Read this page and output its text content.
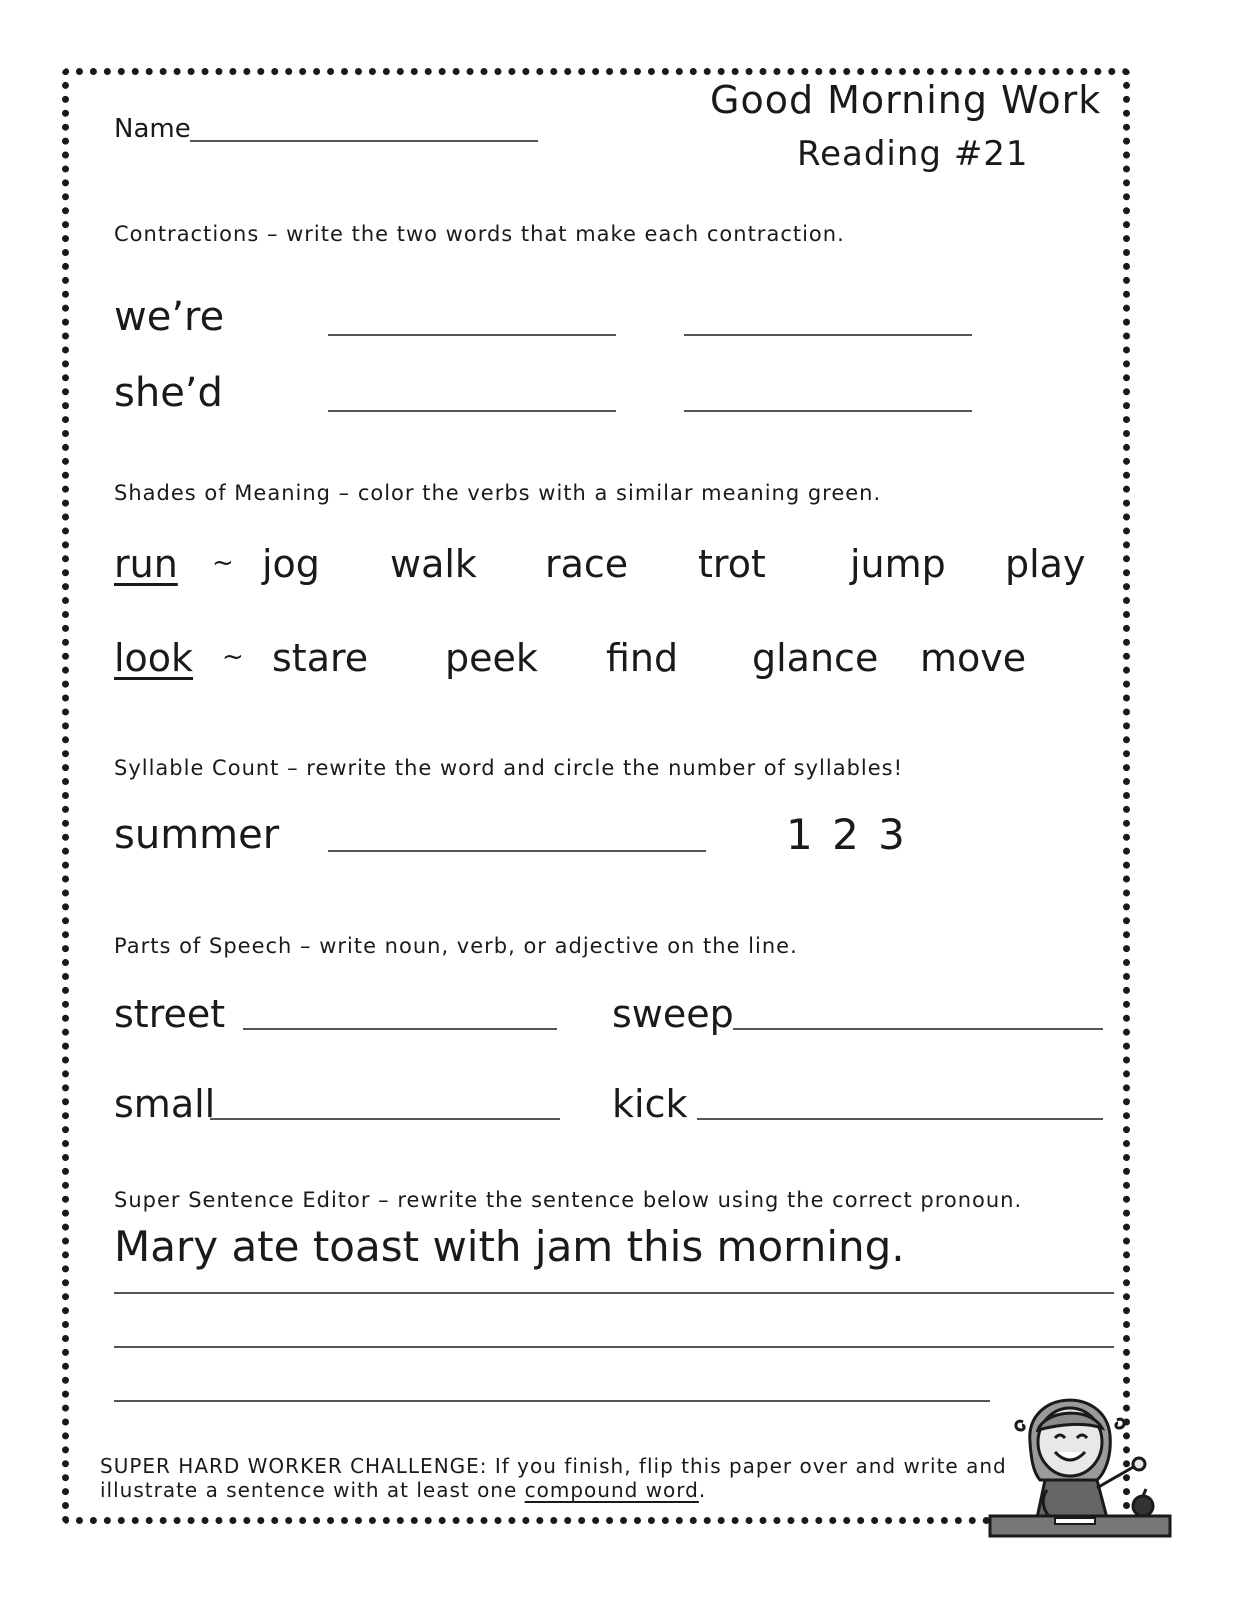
Name
Good Morning Work
Reading #21
Contractions – write the two words that make each contraction.
we’re
she’d
Shades of Meaning – color the verbs with a similar meaning green.
run ~ jog walk race trot jump play
look ~ stare peek find glance move
Syllable Count – rewrite the word and circle the number of syllables!
summer	1 2 3
Parts of Speech – write noun, verb, or adjective on the line.
street	sweep
small	kick
Super Sentence Editor – rewrite the sentence below using the correct pronoun.
Mary ate toast with jam this morning.
SUPER HARD WORKER CHALLENGE: If you finish, flip this paper over and write and
illustrate a sentence with at least one compound word.
